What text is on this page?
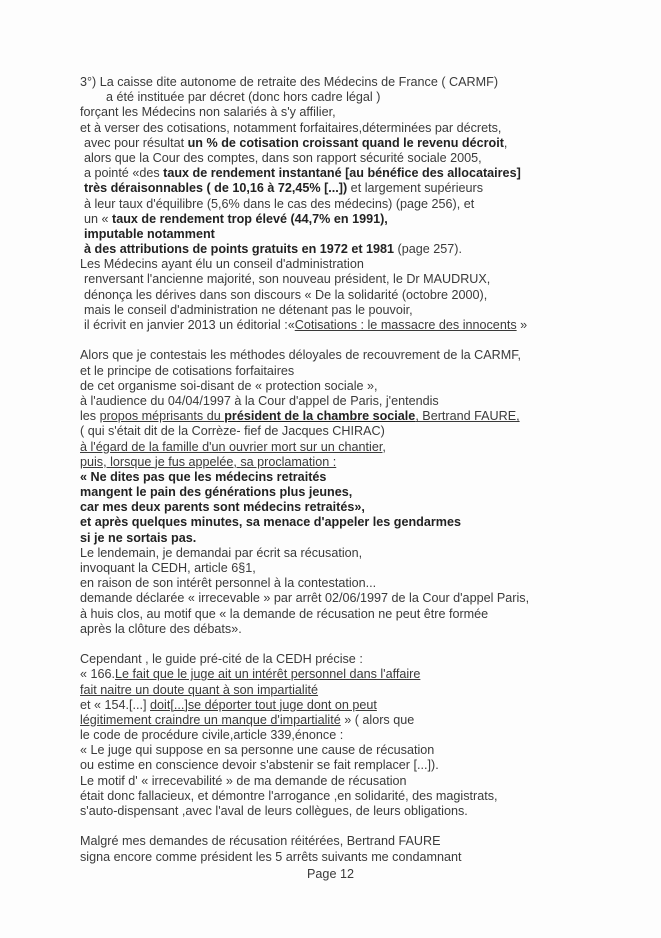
3°) La caisse dite autonome de retraite des Médecins de France ( CARMF)
a été instituée par décret (donc hors cadre légal )
forçant les Médecins non salariés à s'y affilier,
et à verser des cotisations, notamment forfaitaires,déterminées par décrets,
avec pour résultat un % de cotisation croissant quand le revenu décroit,
alors que la Cour des comptes, dans son rapport sécurité sociale 2005,
a pointé «des taux de rendement instantané [au bénéfice des allocataires]
très déraisonnables ( de 10,16 à 72,45% [...]) et largement supérieurs
à leur taux d'équilibre (5,6% dans le cas des médecins) (page 256), et
un « taux de rendement trop élevé (44,7% en 1991),
imputable notamment
à des attributions de points gratuits en 1972 et 1981 (page 257).
Les Médecins ayant élu un conseil d'administration
renversant l'ancienne majorité, son nouveau président, le Dr MAUDRUX,
dénonça les dérives dans son discours « De la solidarité (octobre 2000),
mais le conseil d'administration ne détenant pas le pouvoir,
il écrivit en janvier 2013 un éditorial :«Cotisations : le massacre des innocents »
Alors que je contestais les méthodes déloyales de recouvrement de la CARMF,
et le principe de cotisations forfaitaires
de cet organisme soi-disant de « protection sociale »,
à l'audience du 04/04/1997 à la Cour d'appel de Paris, j'entendis
les propos méprisants du président de la chambre sociale, Bertrand FAURE,
( qui s'était dit de la Corrèze- fief de Jacques CHIRAC)
à l'égard de la famille d'un ouvrier mort sur un chantier,
puis, lorsque je fus appelée, sa proclamation :
« Ne dites pas que les médecins retraités
mangent le pain des générations plus jeunes,
car mes deux parents sont médecins retraités»,
et après quelques minutes, sa menace d'appeler les gendarmes
si je ne sortais pas.
Le lendemain, je demandai par écrit sa récusation,
invoquant la CEDH, article 6§1,
en raison de son intérêt personnel à la contestation...
demande déclarée « irrecevable » par arrêt 02/06/1997 de la Cour d'appel Paris,
à huis clos, au motif que « la demande de récusation ne peut être formée
après la clôture des débats».
Cependant , le guide pré-cité de la CEDH précise :
« 166.Le fait que le juge ait un intérêt personnel dans l'affaire
fait naitre un doute quant à son impartialité
et « 154.[...] doit[...]se déporter tout juge dont on peut
légitimement craindre un manque d'impartialité » ( alors que
le code de procédure civile,article 339,énonce :
« Le juge qui suppose en sa personne une cause de récusation
ou estime en conscience devoir s'abstenir se fait remplacer [...]).
Le motif d' « irrecevabilité » de ma demande de récusation
était donc fallacieux, et démontre l'arrogance ,en solidarité, des magistrats,
s'auto-dispensant ,avec l'aval de leurs collègues, de leurs obligations.
Malgré mes demandes de récusation réitérées, Bertrand FAURE
signa encore comme président les 5 arrêts suivants me condamnant
Page 12
